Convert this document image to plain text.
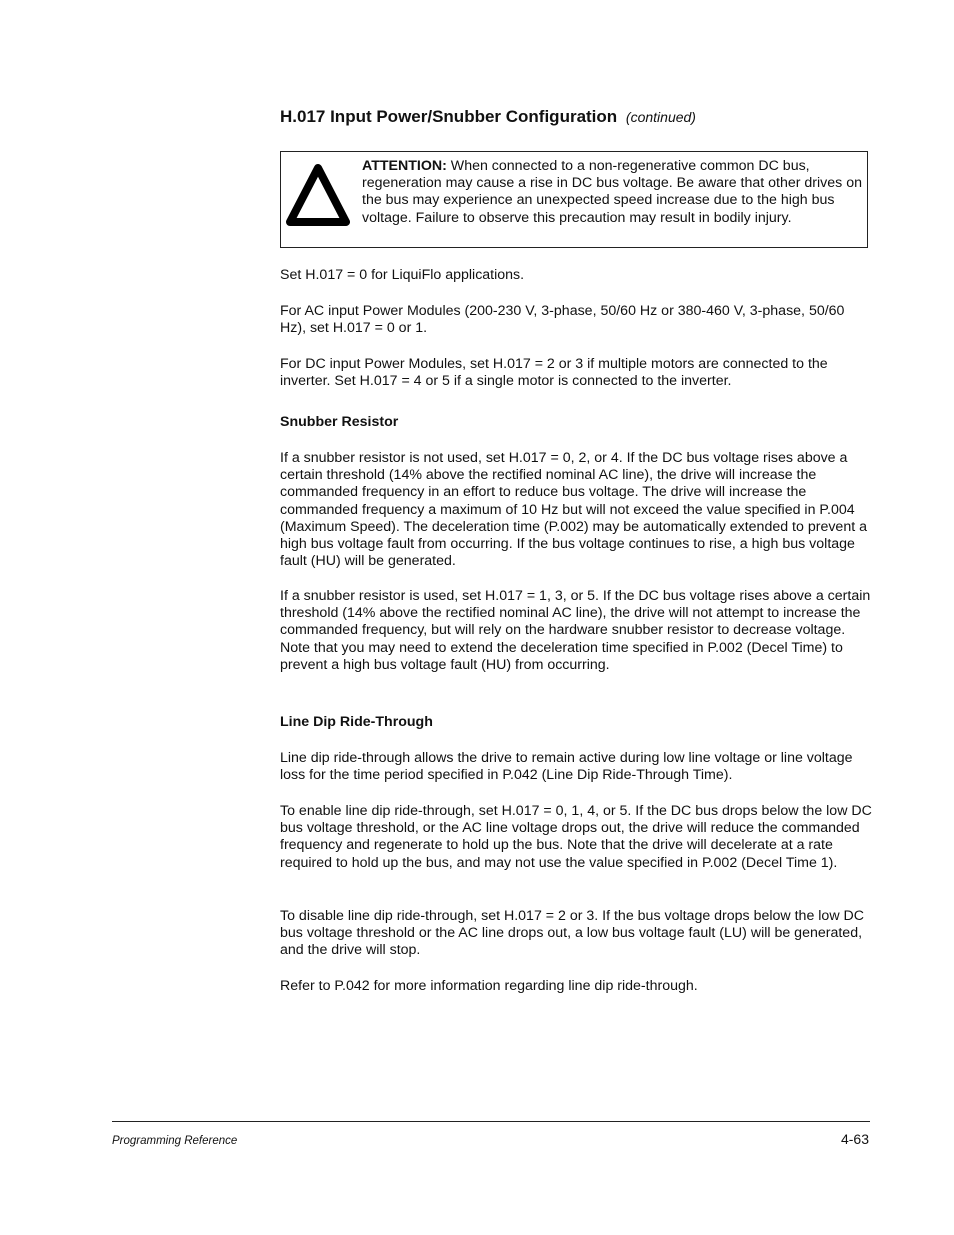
H.017 Input Power/Snubber Configuration (continued)
ATTENTION: When connected to a non-regenerative common DC bus, regeneration may cause a rise in DC bus voltage. Be aware that other drives on the bus may experience an unexpected speed increase due to the high bus voltage. Failure to observe this precaution may result in bodily injury.

Set H.017 = 0 for LiquiFlo applications.

For AC input Power Modules (200-230 V, 3-phase, 50/60 Hz or 380-460 V, 3-phase, 50/60 Hz), set H.017 = 0 or 1.

For DC input Power Modules, set H.017 = 2 or 3 if multiple motors are connected to the inverter. Set H.017 = 4 or 5 if a single motor is connected to the inverter.

Snubber Resistor

If a snubber resistor is not used, set H.017 = 0, 2, or 4. If the DC bus voltage rises above a certain threshold (14% above the rectified nominal AC line), the drive will increase the commanded frequency in an effort to reduce bus voltage. The drive will increase the commanded frequency a maximum of 10 Hz but will not exceed the value specified in P.004 (Maximum Speed). The deceleration time (P.002) may be automatically extended to prevent a high bus voltage fault from occurring. If the bus voltage continues to rise, a high bus voltage fault (HU) will be generated.

If a snubber resistor is used, set H.017 = 1, 3, or 5. If the DC bus voltage rises above a certain threshold (14% above the rectified nominal AC line), the drive will not attempt to increase the commanded frequency, but will rely on the hardware snubber resistor to decrease voltage. Note that you may need to extend the deceleration time specified in P.002 (Decel Time) to prevent a high bus voltage fault (HU) from occurring.

Line Dip Ride-Through

Line dip ride-through allows the drive to remain active during low line voltage or line voltage loss for the time period specified in P.042 (Line Dip Ride-Through Time).

To enable line dip ride-through, set H.017 = 0, 1, 4, or 5. If the DC bus drops below the low DC bus voltage threshold, or the AC line voltage drops out, the drive will reduce the commanded frequency and regenerate to hold up the bus. Note that the drive will decelerate at a rate required to hold up the bus, and may not use the value specified in P.002 (Decel Time 1).

To disable line dip ride-through, set H.017 = 2 or 3. If the bus voltage drops below the low DC bus voltage threshold or the AC line drops out, a low bus voltage fault (LU) will be generated, and the drive will stop.

Refer to P.042 for more information regarding line dip ride-through.

Programming Reference	4-63
